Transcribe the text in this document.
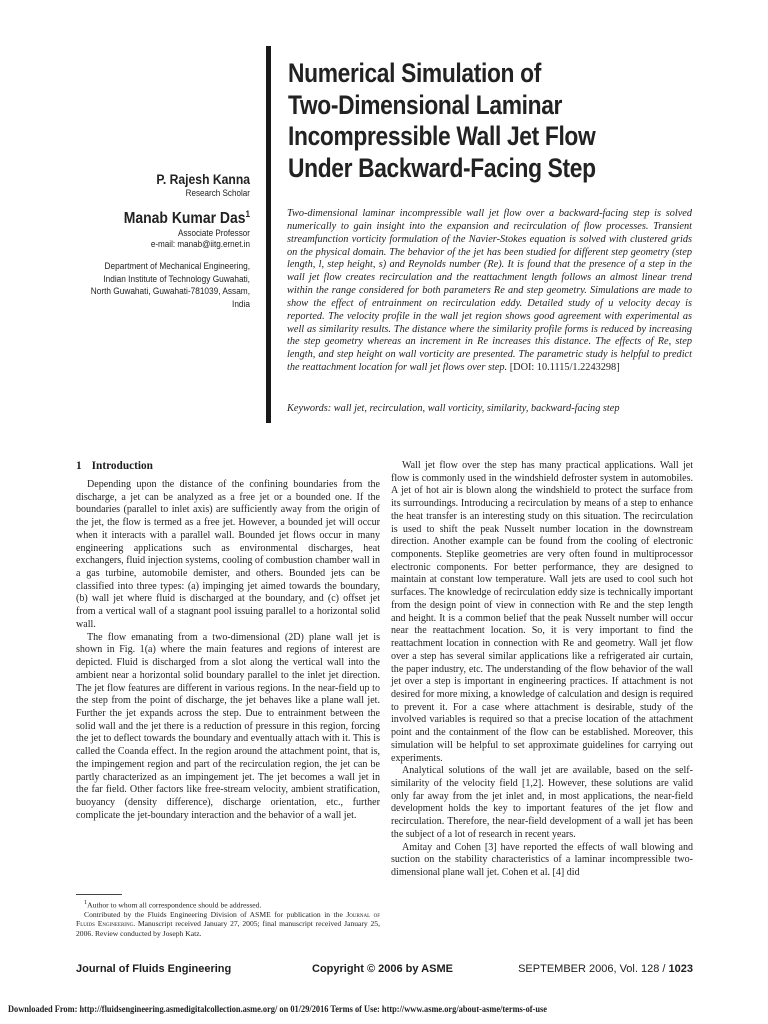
Numerical Simulation of
Two-Dimensional Laminar
Incompressible Wall Jet Flow
Under Backward-Facing Step

P. Rajesh Kanna

Research Scholar

Manab Kumar Das$^1$

Associate Professor

e-mail: manab@iitg.ernet.in

Department of Mechanical Engineering,
Indian Institute of Technology Guwahati,
North Guwahati, Guwahati-781039, Assam,
India

Two-dimensional laminar incompressible wall jet flow over a backward-facing step is solved numerically to gain insight into the expansion and recirculation of flow processes. Transient streamfunction vorticity formulation of the Navier-Stokes equation is solved with clustered grids on the physical domain. The behavior of the jet has been studied for different step geometry (step length, l, step height, s) and Reynolds number (Re). It is found that the presence of a step in the wall jet flow creates recirculation and the reattachment length follows an almost linear trend within the range considered for both parameters Re and step geometry. Simulations are made to show the effect of entrainment on recirculation eddy. Detailed study of u velocity decay is reported. The velocity profile in the wall jet region shows good agreement with experimental as well as similarity results. The distance where the similarity profile forms is reduced by increasing the step geometry whereas an increment in Re increases this distance. The effects of Re, step length, and step height on wall vorticity are presented. The parametric study is helpful to predict the reattachment location for wall jet flows over step. [DOI: 10.1115/1.2243298]

Keywords: wall jet, recirculation, wall vorticity, similarity, backward-facing step

1 Introduction

Depending upon the distance of the confining boundaries from the discharge, a jet can be analyzed as a free jet or a bounded one. If the boundaries (parallel to inlet axis) are sufficiently away from the origin of the jet, the flow is termed as a free jet. However, a bounded jet will occur when it interacts with a parallel wall. Bounded jet flows occur in many engineering applications such as environmental discharges, heat exchangers, fluid injection systems, cooling of combustion chamber wall in a gas turbine, automobile demister, and others. Bounded jets can be classified into three types: (a) impinging jet aimed towards the boundary, (b) wall jet where fluid is discharged at the boundary, and (c) offset jet from a vertical wall of a stagnant pool issuing parallel to a horizontal solid wall.

The flow emanating from a two-dimensional (2D) plane wall jet is shown in Fig. 1(a) where the main features and regions of interest are depicted. Fluid is discharged from a slot along the vertical wall into the ambient near a horizontal solid boundary parallel to the inlet jet direction. The jet flow features are different in various regions. In the near-field up to the step from the point of discharge, the jet behaves like a plane wall jet. Further the jet expands across the step. Due to entrainment between the solid wall and the jet there is a reduction of pressure in this region, forcing the jet to deflect towards the boundary and eventually attach with it. This is called the Coanda effect. In the region around the attachment point, that is, the impingement region and part of the recirculation region, the jet can be partly characterized as an impingement jet. The jet becomes a wall jet in the far field. Other factors like free-stream velocity, ambient stratification, buoyancy (density difference), discharge orientation, etc., further complicate the jet-boundary interaction and the behavior of a wall jet.

$^1$Author to whom all correspondence should be addressed.

Contributed by the Fluids Engineering Division of ASME for publication in the Journal of Fluids Engineering. Manuscript received January 27, 2005; final manuscript received January 25, 2006. Review conducted by Joseph Katz.

Wall jet flow over the step has many practical applications. Wall jet flow is commonly used in the windshield defroster system in automobiles. A jet of hot air is blown along the windshield to protect the surface from its surroundings. Introducing a recirculation by means of a step to enhance the heat transfer is an interesting study on this situation. The recirculation is used to shift the peak Nusselt number location in the downstream direction. Another example can be found from the cooling of electronic components. Steplike geometries are very often found in multiprocessor electronic components. For better performance, they are designed to maintain at constant low temperature. Wall jets are used to cool such hot surfaces. The knowledge of recirculation eddy size is technically important from the design point of view in connection with Re and the step length and height. It is a common belief that the peak Nusselt number will occur near the reattachment location. So, it is very important to find the reattachment location in connection with Re and geometry. Wall jet flow over a step has several similar applications like a refrigerated air curtain, the paper industry, etc. The understanding of the flow behavior of the wall jet over a step is important in engineering practices. If attachment is not desired for more mixing, a knowledge of calculation and design is required to prevent it. For a case where attachment is desirable, study of the involved variables is required so that a precise location of the attachment point and the containment of the flow can be established. Moreover, this simulation will be helpful to set approximate guidelines for carrying out experiments.

Analytical solutions of the wall jet are available, based on the self-similarity of the velocity field [1,2]. However, these solutions are valid only far away from the jet inlet and, in most applications, the near-field development holds the key to important features of the jet flow and recirculation. Therefore, the near-field development of a wall jet has been the subject of a lot of research in recent years.

Amitay and Cohen [3] have reported the effects of wall blowing and suction on the stability characteristics of a laminar incompressible two-dimensional plane wall jet. Cohen et al. [4] did

Journal of Fluids Engineering	Copyright © 2006 by ASME	SEPTEMBER 2006, Vol. 128 / 1023
Downloaded From: http://fluidsengineering.asmedigitalcollection.asme.org/ on 01/29/2016 Terms of Use: http://www.asme.org/about-asme/terms-of-use
